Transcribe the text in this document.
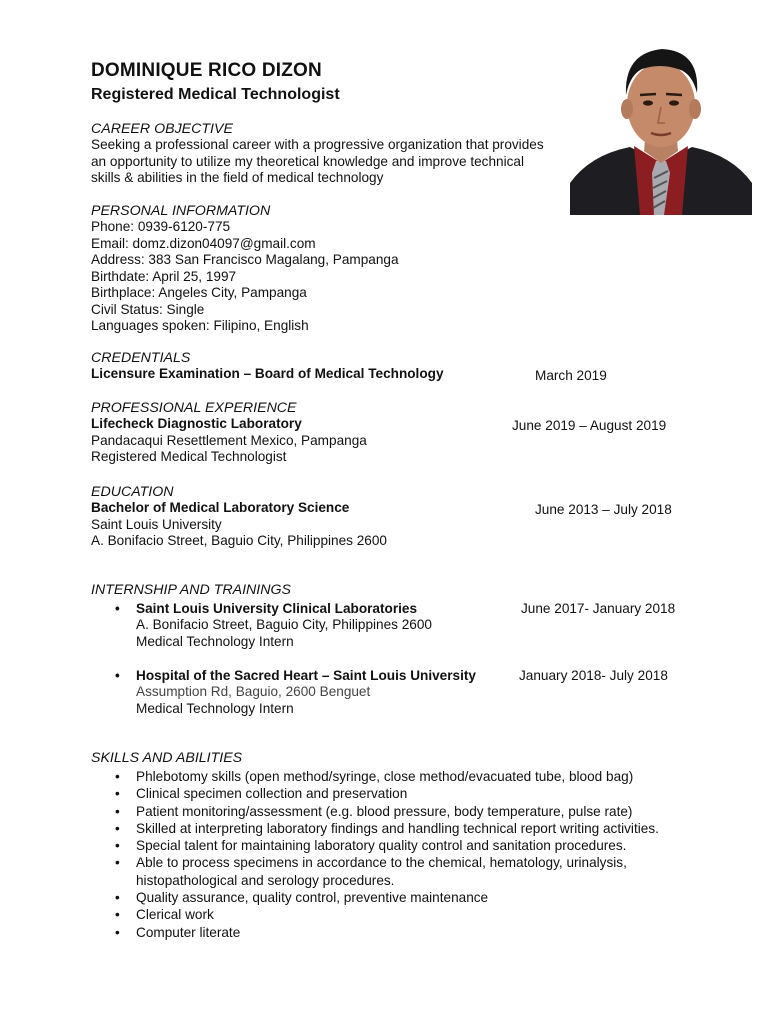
DOMINIQUE RICO DIZON
Registered Medical Technologist
CAREER OBJECTIVE
Seeking a professional career with a progressive organization that provides
an opportunity to utilize my theoretical knowledge and improve technical
skills & abilities in the field of medical technology
PERSONAL INFORMATION
Phone: 0939-6120-775
Email: domz.dizon04097@gmail.com
Address: 383 San Francisco Magalang, Pampanga
Birthdate: April 25, 1997
Birthplace: Angeles City, Pampanga
Civil Status: Single
Languages spoken: Filipino, English
CREDENTIALS
Licensure Examination – Board of Medical Technology	March 2019
PROFESSIONAL EXPERIENCE
Lifecheck Diagnostic Laboratory
Pandacaqui Resettlement Mexico, Pampanga
Registered Medical Technologist
June 2019 – August 2019
EDUCATION
Bachelor of Medical Laboratory Science
Saint Louis University
A. Bonifacio Street, Baguio City, Philippines 2600
June 2013 – July 2018
INTERNSHIP AND TRAININGS
• Saint Louis University Clinical Laboratories
A. Bonifacio Street, Baguio City, Philippines 2600
Medical Technology Intern
June 2017- January 2018
• Hospital of the Sacred Heart – Saint Louis University
Assumption Rd, Baguio, 2600 Benguet
Medical Technology Intern
January 2018- July 2018
SKILLS AND ABILITIES
• Phlebotomy skills (open method/syringe, close method/evacuated tube, blood bag)
• Clinical specimen collection and preservation
• Patient monitoring/assessment (e.g. blood pressure, body temperature, pulse rate)
• Skilled at interpreting laboratory findings and handling technical report writing activities.
• Special talent for maintaining laboratory quality control and sanitation procedures.
• Able to process specimens in accordance to the chemical, hematology, urinalysis,
histopathological and serology procedures.
• Quality assurance, quality control, preventive maintenance
• Clerical work
• Computer literate
